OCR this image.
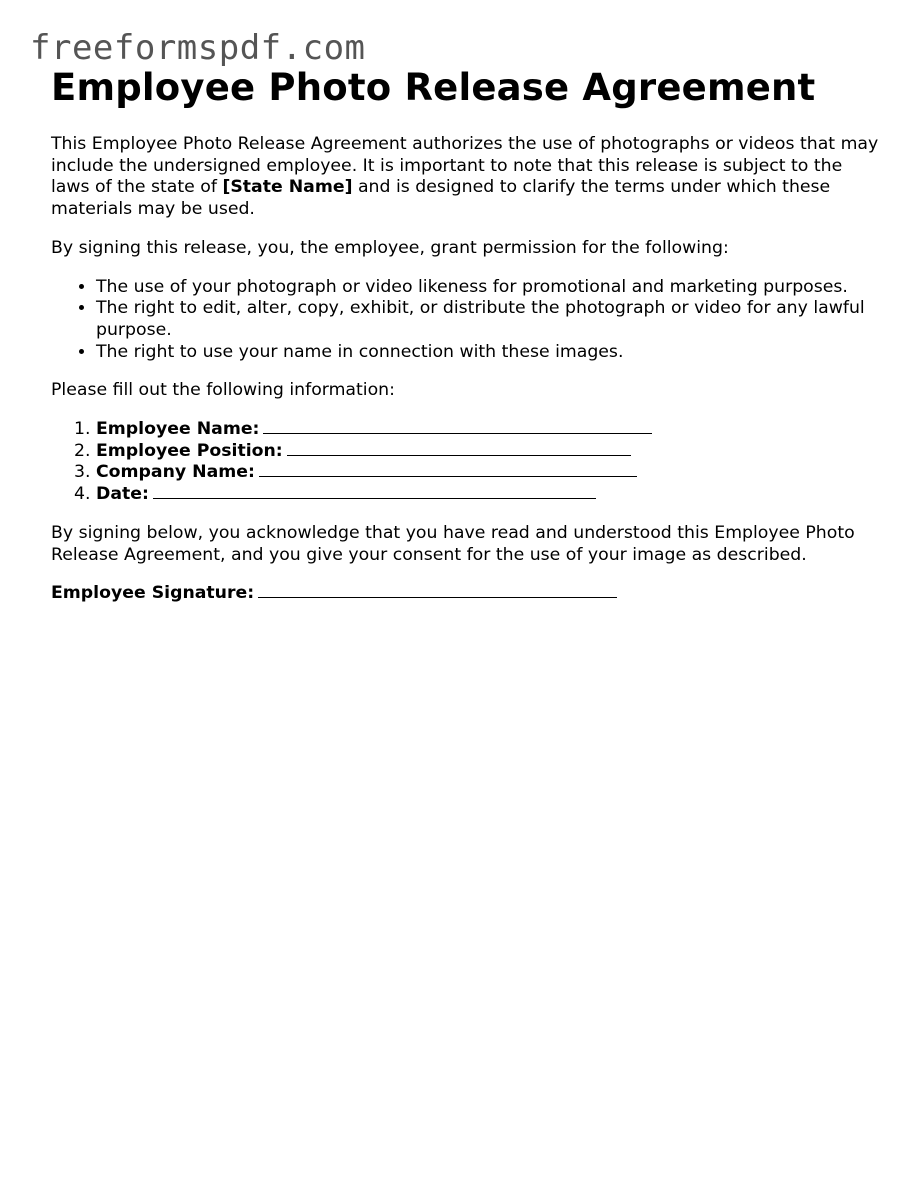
freeformspdf.com
Employee Photo Release Agreement

This Employee Photo Release Agreement authorizes the use of photographs or videos that may include the undersigned employee. It is important to note that this release is subject to the laws of the state of [State Name] and is designed to clarify the terms under which these materials may be used.

By signing this release, you, the employee, grant permission for the following:

• The use of your photograph or video likeness for promotional and marketing purposes.
• The right to edit, alter, copy, exhibit, or distribute the photograph or video for any lawful purpose.
• The right to use your name in connection with these images.

Please fill out the following information:

1. Employee Name:
2. Employee Position:
3. Company Name:
4. Date:

By signing below, you acknowledge that you have read and understood this Employee Photo Release Agreement, and you give your consent for the use of your image as described.

Employee Signature:
